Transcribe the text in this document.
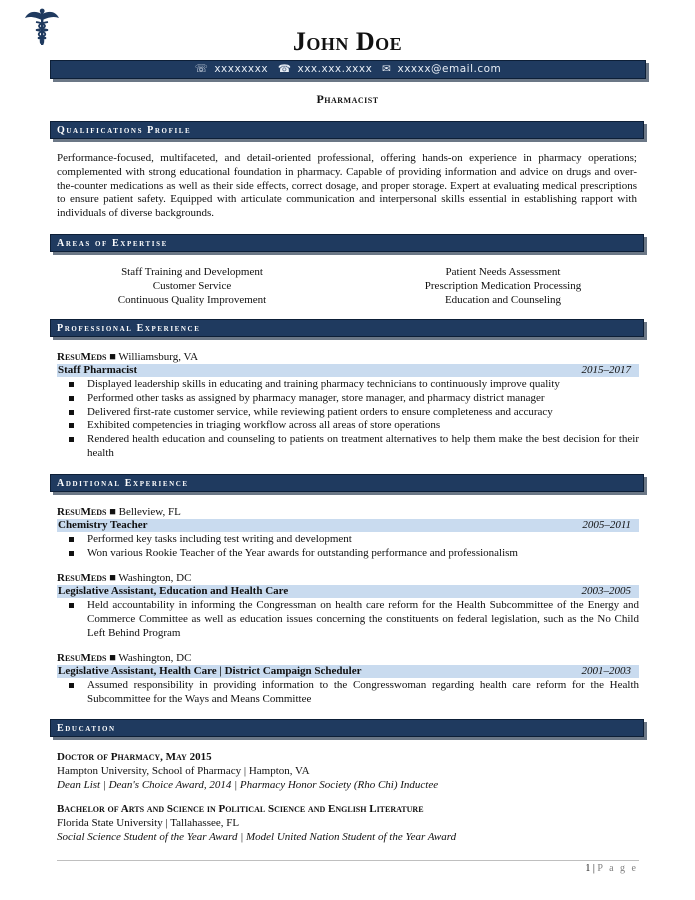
John Doe
☏ xxxxxxxx ☎ xxx.xxx.xxxx ✉ xxxxx@email.com
Pharmacist
Qualifications Profile
Performance-focused, multifaceted, and detail-oriented professional, offering hands-on experience in pharmacy operations; complemented with strong educational foundation in pharmacy. Capable of providing information and advice on drugs and over-the-counter medications as well as their side effects, correct dosage, and proper storage. Expert at evaluating medical prescriptions to ensure patient safety. Equipped with articulate communication and interpersonal skills essential in establishing rapport with individuals of diverse backgrounds.
Areas of Expertise
Staff Training and Development
Customer Service
Continuous Quality Improvement
Patient Needs Assessment
Prescription Medication Processing
Education and Counseling
Professional Experience
ResuMeds ■ Williamsburg, VA
Staff Pharmacist	2015–2017
Displayed leadership skills in educating and training pharmacy technicians to continuously improve quality
Performed other tasks as assigned by pharmacy manager, store manager, and pharmacy district manager
Delivered first-rate customer service, while reviewing patient orders to ensure completeness and accuracy
Exhibited competencies in triaging workflow across all areas of store operations
Rendered health education and counseling to patients on treatment alternatives to help them make the best decision for their health
Additional Experience
ResuMeds ■ Belleview, FL
Chemistry Teacher	2005–2011
Performed key tasks including test writing and development
Won various Rookie Teacher of the Year awards for outstanding performance and professionalism
ResuMeds ■ Washington, DC
Legislative Assistant, Education and Health Care	2003–2005
Held accountability in informing the Congressman on health care reform for the Health Subcommittee of the Energy and Commerce Committee as well as education issues concerning the constituents on federal legislation, such as the No Child Left Behind Program
ResuMeds ■ Washington, DC
Legislative Assistant, Health Care | District Campaign Scheduler	2001–2003
Assumed responsibility in providing information to the Congresswoman regarding health care reform for the Health Subcommittee for the Ways and Means Committee
Education
Doctor of Pharmacy, May 2015
Hampton University, School of Pharmacy | Hampton, VA
Dean List | Dean's Choice Award, 2014 | Pharmacy Honor Society (Rho Chi) Inductee
Bachelor of Arts and Science in Political Science and English Literature
Florida State University | Tallahassee, FL
Social Science Student of the Year Award | Model United Nation Student of the Year Award
1 | P a g e
